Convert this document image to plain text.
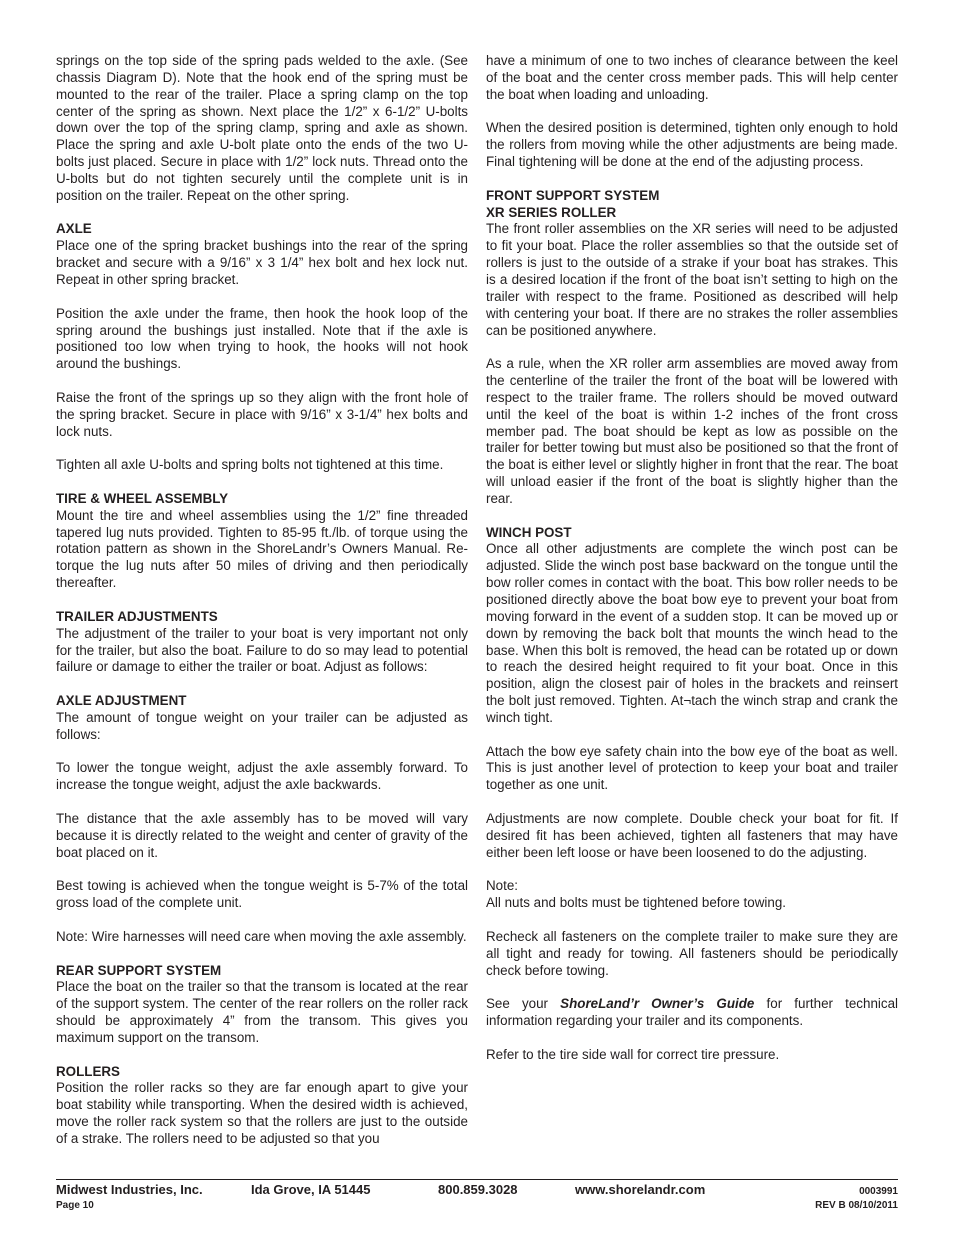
springs on the top side of the spring pads welded to the axle. (See chassis Diagram D). Note that the hook end of the spring must be mounted to the rear of the trailer. Place a spring clamp on the top center of the spring as shown. Next place the 1/2” x 6-1/2” U-bolts down over the top of the spring clamp, spring and axle as shown. Place the spring and axle U-bolt plate onto the ends of the two U-bolts just placed. Secure in place with 1/2” lock nuts. Thread onto the U-bolts but do not tighten securely until the complete unit is in position on the trailer. Repeat on the other spring.

AXLE

Place one of the spring bracket bushings into the rear of the spring bracket and secure with a 9/16” x 3 1/4” hex bolt and hex lock nut. Repeat in other spring bracket.

Position the axle under the frame, then hook the hook loop of the spring around the bushings just installed. Note that if the axle is positioned too low when trying to hook, the hooks will not hook around the bushings.

Raise the front of the springs up so they align with the front hole of the spring bracket. Secure in place with 9/16” x 3-1/4” hex bolts and lock nuts.

Tighten all axle U-bolts and spring bolts not tightened at this time.

TIRE & WHEEL ASSEMBLY

Mount the tire and wheel assemblies using the 1/2” fine threaded tapered lug nuts provided. Tighten to 85-95 ft./lb. of torque using the rotation pattern as shown in the ShoreLandr’s Owners Manual. Re-torque the lug nuts after 50 miles of driving and then periodically thereafter.

TRAILER ADJUSTMENTS

The adjustment of the trailer to your boat is very important not only for the trailer, but also the boat. Failure to do so may lead to potential failure or damage to either the trailer or boat. Adjust as follows:

AXLE ADJUSTMENT

The amount of tongue weight on your trailer can be adjusted as follows:

To lower the tongue weight, adjust the axle assembly forward. To increase the tongue weight, adjust the axle backwards.

The distance that the axle assembly has to be moved will vary because it is directly related to the weight and center of gravity of the boat placed on it.

Best towing is achieved when the tongue weight is 5-7% of the total gross load of the complete unit.

Note: Wire harnesses will need care when moving the axle assembly.

REAR SUPPORT SYSTEM

Place the boat on the trailer so that the transom is located at the rear of the support system. The center of the rear rollers on the roller rack should be approximately 4” from the transom. This gives you maximum support on the transom.

ROLLERS

Position the roller racks so they are far enough apart to give your boat stability while transporting. When the desired width is achieved, move the roller rack system so that the rollers are just to the outside of a strake. The rollers need to be adjusted so that you

have a minimum of one to two inches of clearance between the keel of the boat and the center cross member pads. This will help center the boat when loading and unloading.

When the desired position is determined, tighten only enough to hold the rollers from moving while the other adjustments are being made. Final tightening will be done at the end of the adjusting process.

FRONT SUPPORT SYSTEM

XR SERIES ROLLER

The front roller assemblies on the XR series will need to be adjusted to fit your boat. Place the roller assemblies so that the outside set of rollers is just to the outside of a strake if your boat has strakes. This is a desired location if the front of the boat isn’t setting to high on the trailer with respect to the frame. Positioned as described will help with centering your boat. If there are no strakes the roller assemblies can be positioned anywhere.

As a rule, when the XR roller arm assemblies are moved away from the centerline of the trailer the front of the boat will be lowered with respect to the trailer frame. The rollers should be moved outward until the keel of the boat is within 1-2 inches of the front cross member pad. The boat should be kept as low as possible on the trailer for better towing but must also be positioned so that the front of the boat is either level or slightly higher in front that the rear. The boat will unload easier if the front of the boat is slightly higher than the rear.

WINCH POST

Once all other adjustments are complete the winch post can be adjusted. Slide the winch post base backward on the tongue until the bow roller comes in contact with the boat. This bow roller needs to be positioned directly above the boat bow eye to prevent your boat from moving forward in the event of a sudden stop. It can be moved up or down by removing the back bolt that mounts the winch head to the base. When this bolt is removed, the head can be rotated up or down to reach the desired height required to fit your boat. Once in this position, align the closest pair of holes in the brackets and reinsert the bolt just removed. Tighten. At¬tach the winch strap and crank the winch tight.

Attach the bow eye safety chain into the bow eye of the boat as well. This is just another level of protection to keep your boat and trailer together as one unit.

Adjustments are now complete. Double check your boat for fit. If desired fit has been achieved, tighten all fasteners that may have either been left loose or have been loosened to do the adjusting.

Note:

All nuts and bolts must be tightened before towing.

Recheck all fasteners on the complete trailer to make sure they are all tight and ready for towing. All fasteners should be periodically check before towing.

See your ShoreLand’r Owner’s Guide for further technical information regarding your trailer and its components.

Refer to the tire side wall for correct tire pressure.

Midwest Industries, Inc.	Ida Grove, IA 51445	800.859.3028	www.shorelandr.com	0003991
Page 10	REV B 08/10/2011
